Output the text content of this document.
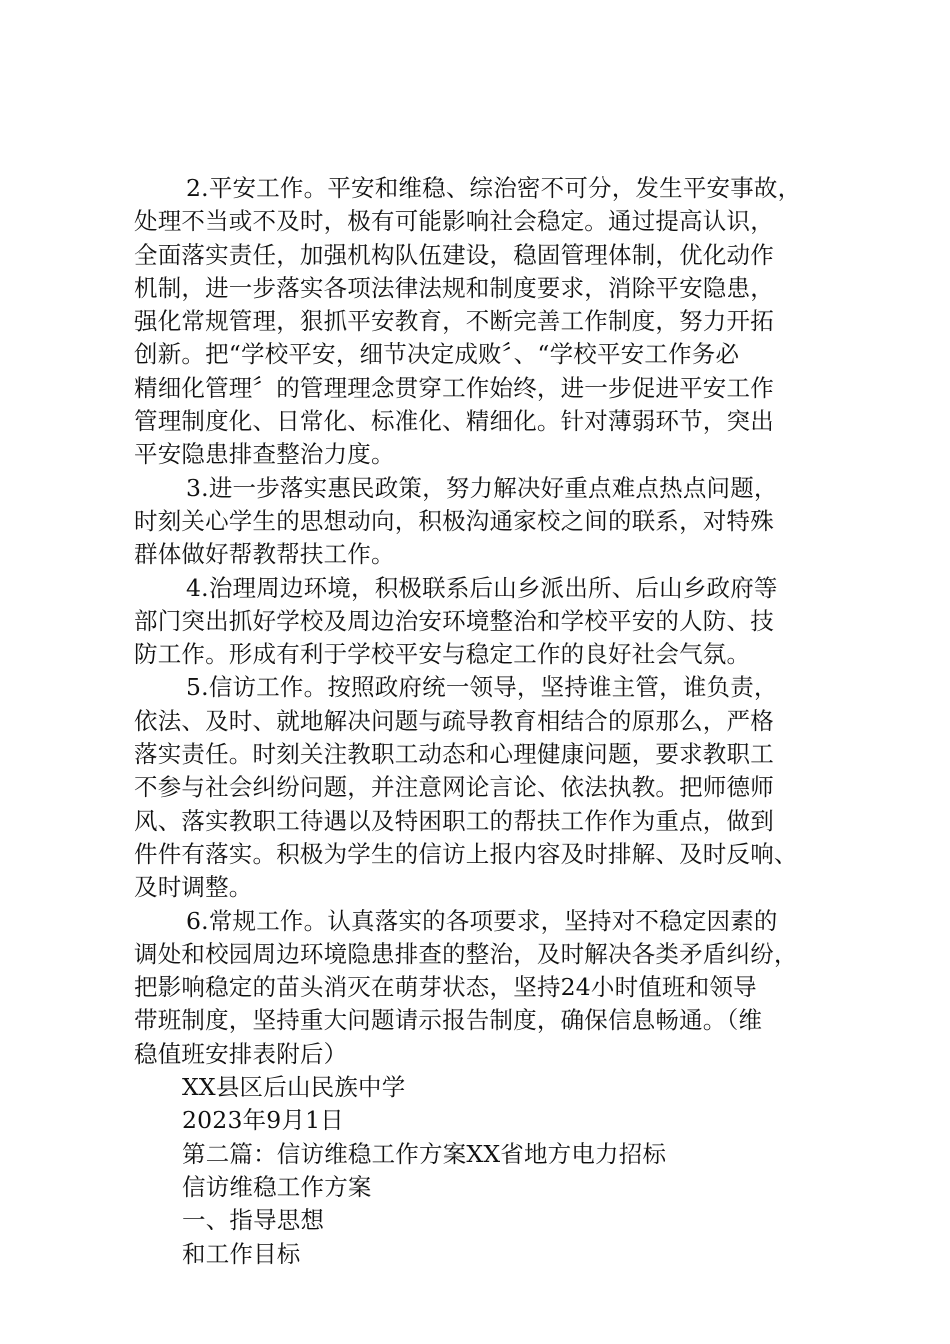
2.平安工作。平安和维稳、综治密不可分，发生平安事故，

处理不当或不及时，极有可能影响社会稳定。通过提高认识，

全面落实责任，加强机构队伍建设，稳固管理体制，优化动作

机制，进一步落实各项法律法规和制度要求，消除平安隐患，

强化常规管理，狠抓平安教育，不断完善工作制度，努力开拓

创新。把“学校平安，细节决定成败〞、“学校平安工作务必

精细化管理〞的管理理念贯穿工作始终，进一步促进平安工作

管理制度化、日常化、标准化、精细化。针对薄弱环节，突出

平安隐患排查整治力度。

3.进一步落实惠民政策，努力解决好重点难点热点问题，

时刻关心学生的思想动向，积极沟通家校之间的联系，对特殊

群体做好帮教帮扶工作。

4.治理周边环境，积极联系后山乡派出所、后山乡政府等

部门突出抓好学校及周边治安环境整治和学校平安的人防、技

防工作。形成有利于学校平安与稳定工作的良好社会气氛。

5.信访工作。按照政府统一领导，坚持谁主管，谁负责，

依法、及时、就地解决问题与疏导教育相结合的原那么，严格

落实责任。时刻关注教职工动态和心理健康问题，要求教职工

不参与社会纠纷问题，并注意网论言论、依法执教。把师德师

风、落实教职工待遇以及特困职工的帮扶工作作为重点，做到

件件有落实。积极为学生的信访上报内容及时排解、及时反响、

及时调整。

6.常规工作。认真落实的各项要求，坚持对不稳定因素的

调处和校园周边环境隐患排查的整治，及时解决各类矛盾纠纷，

把影响稳定的苗头消灭在萌芽状态，坚持24小时值班和领导

带班制度，坚持重大问题请示报告制度，确保信息畅通。（维

稳值班安排表附后）

XX县区后山民族中学

2023年9月1日

第二篇：信访维稳工作方案XX省地方电力招标

信访维稳工作方案

一、指导思想

和工作目标
